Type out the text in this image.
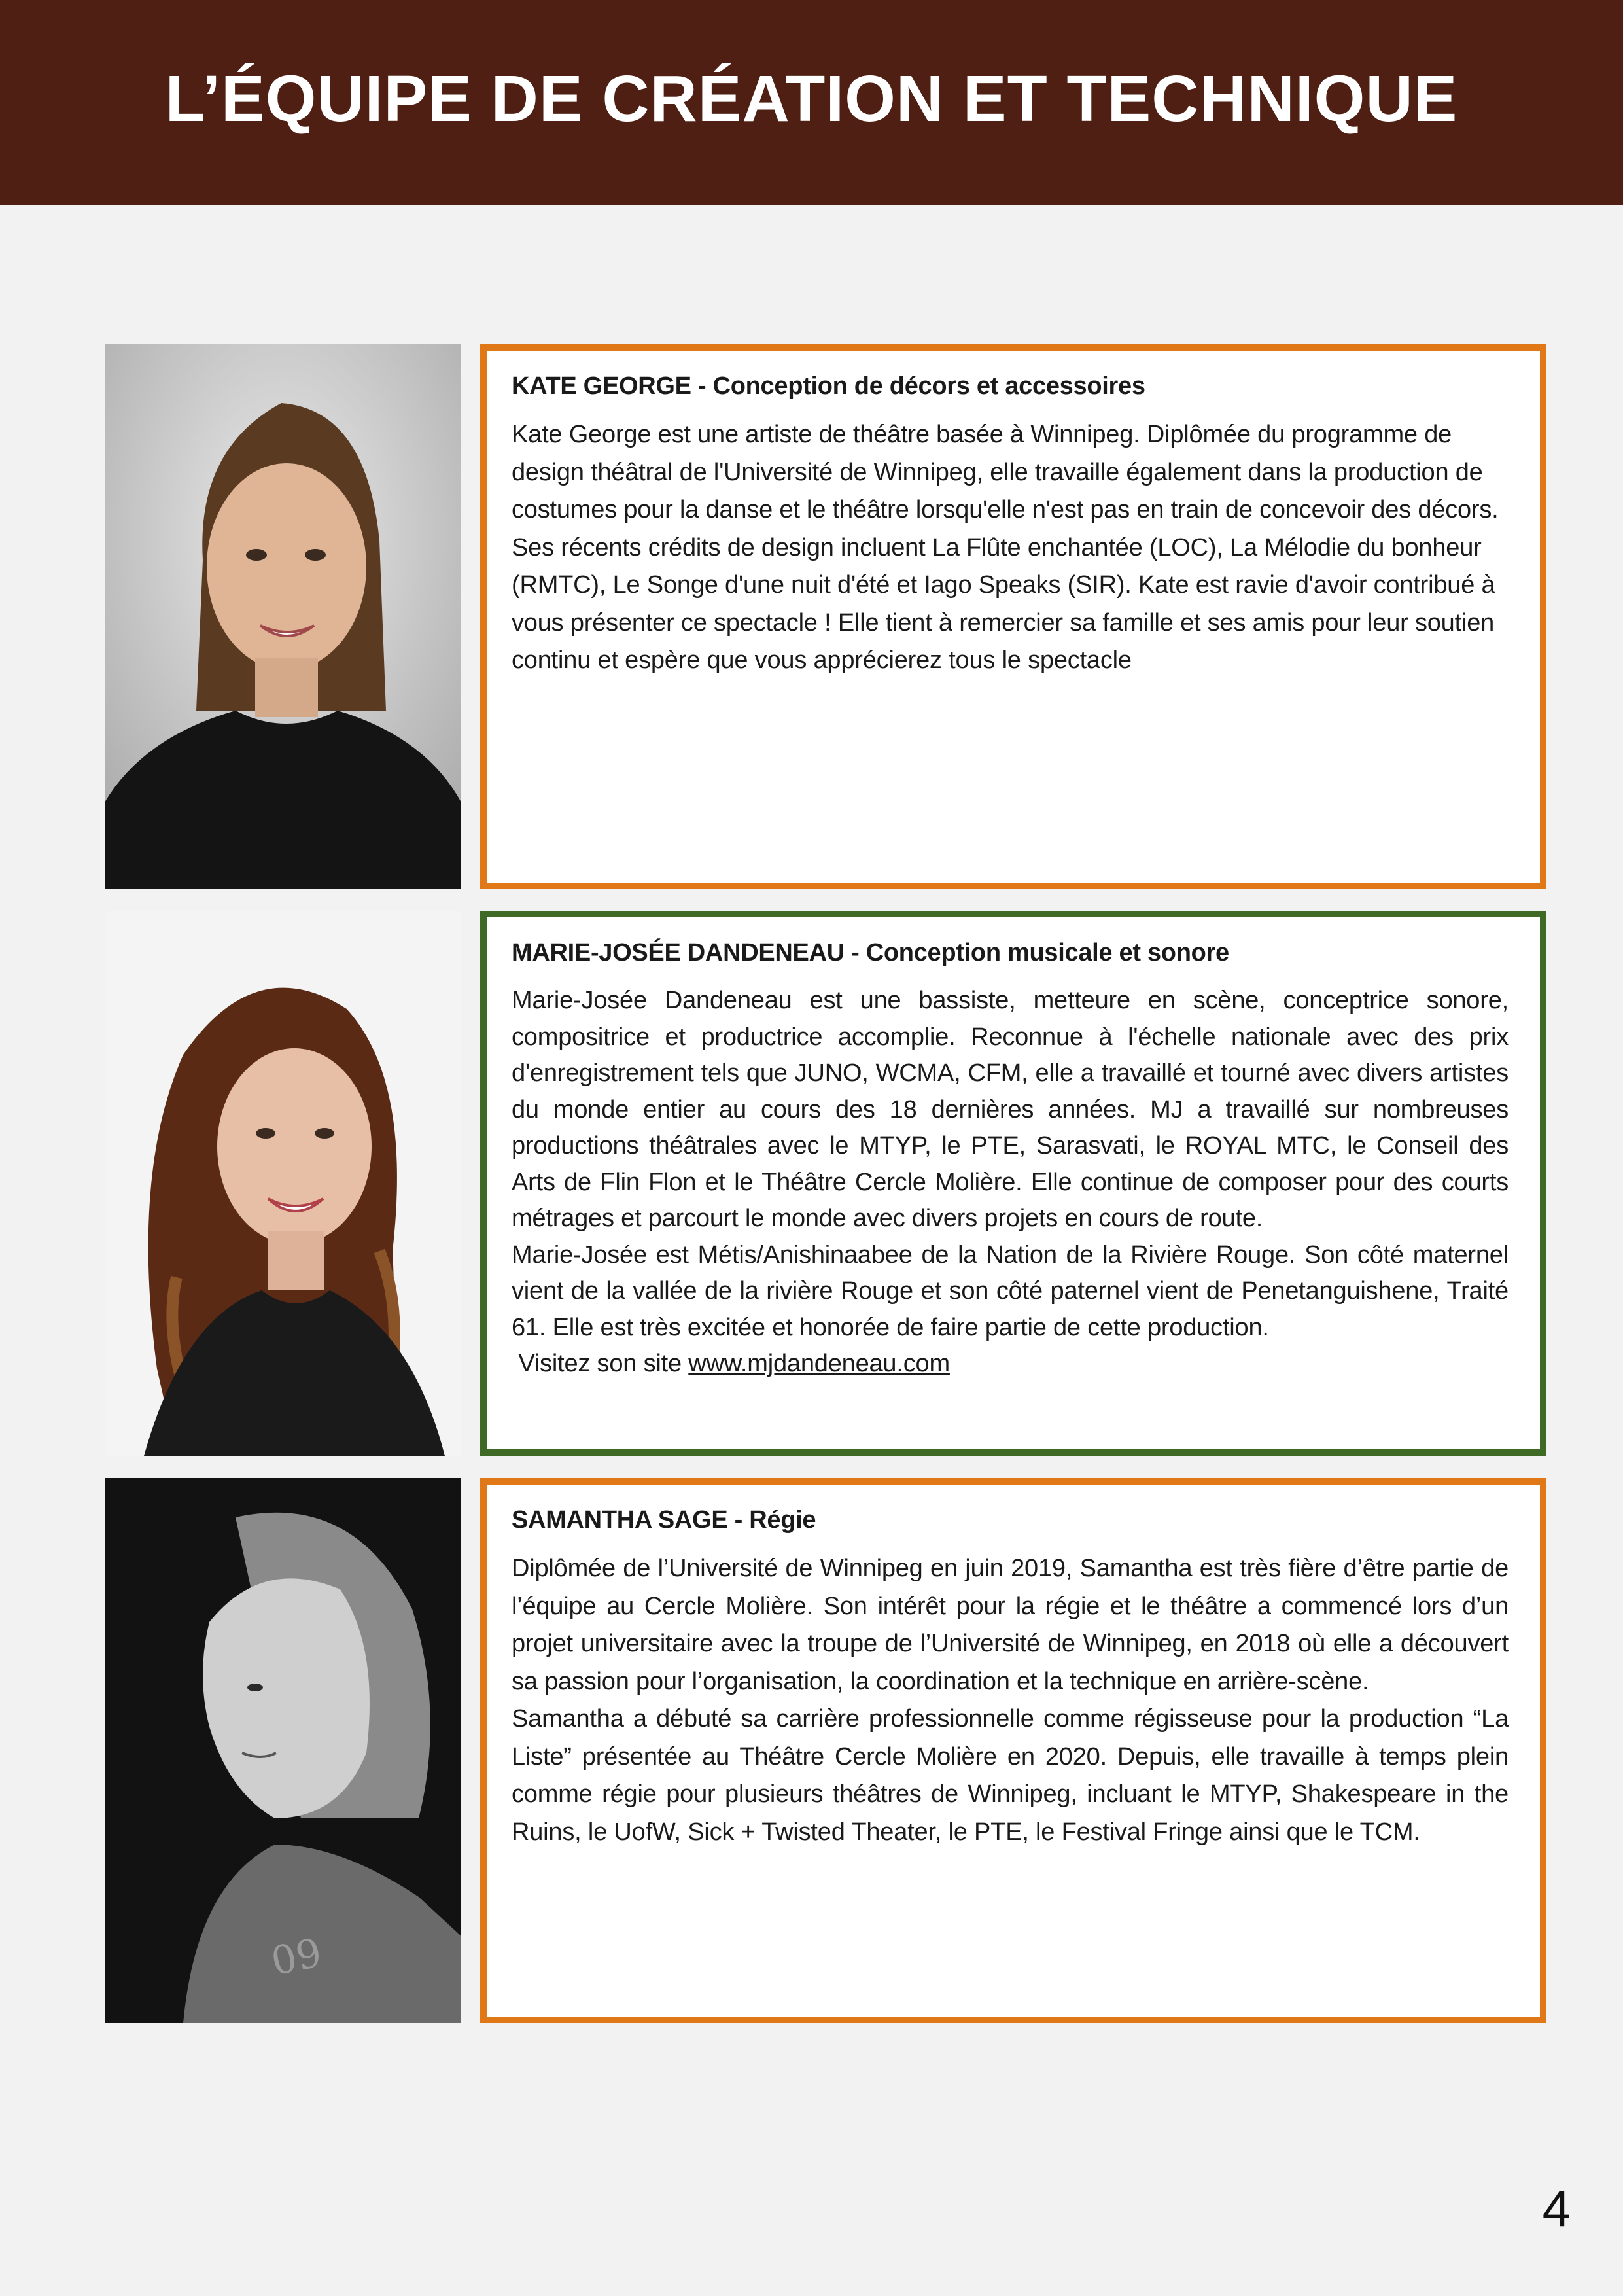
L’ÉQUIPE DE CRÉATION ET TECHNIQUE
KATE GEORGE - Conception de décors et accessoires

Kate George est une artiste de théâtre basée à Winnipeg. Diplômée du programme de design théâtral de l'Université de Winnipeg, elle travaille également dans la production de costumes pour la danse et le théâtre lorsqu'elle n'est pas en train de concevoir des décors. Ses récents crédits de design incluent La Flûte enchantée (LOC), La Mélodie du bonheur (RMTC), Le Songe d'une nuit d'été et Iago Speaks (SIR). Kate est ravie d'avoir contribué à vous présenter ce spectacle ! Elle tient à remercier sa famille et ses amis pour leur soutien continu et espère que vous apprécierez tous le spectacle

MARIE-JOSÉE DANDENEAU - Conception musicale et sonore

Marie-Josée Dandeneau est une bassiste, metteure en scène, conceptrice sonore, compositrice et productrice accomplie. Reconnue à l'échelle nationale avec des prix d'enregistrement tels que JUNO, WCMA, CFM, elle a travaillé et tourné avec divers artistes du monde entier au cours des 18 dernières années. MJ a travaillé sur nombreuses productions théâtrales avec le MTYP, le PTE, Sarasvati, le ROYAL MTC, le Conseil des Arts de Flin Flon et le Théâtre Cercle Molière. Elle continue de composer pour des courts métrages et parcourt le monde avec divers projets en cours de route.

Marie-Josée est Métis/Anishinaabee de la Nation de la Rivière Rouge. Son côté maternel vient de la vallée de la rivière Rouge et son côté paternel vient de Penetanguishene, Traité 61. Elle est très excitée et honorée de faire partie de cette production.

Visitez son site www.mjdandeneau.com

09
SAMANTHA SAGE - Régie

Diplômée de l’Université de Winnipeg en juin 2019, Samantha est très fière d’être partie de l’équipe au Cercle Molière. Son intérêt pour la régie et le théâtre a commencé lors d’un projet universitaire avec la troupe de l’Université de Winnipeg, en 2018 où elle a découvert sa passion pour l’organisation, la coordination et la technique en arrière-scène.

Samantha a débuté sa carrière professionnelle comme régisseuse pour la production “La Liste” présentée au Théâtre Cercle Molière en 2020. Depuis, elle travaille à temps plein comme régie pour plusieurs théâtres de Winnipeg, incluant le MTYP, Shakespeare in the Ruins, le UofW, Sick + Twisted Theater, le PTE, le Festival Fringe ainsi que le TCM.

4
